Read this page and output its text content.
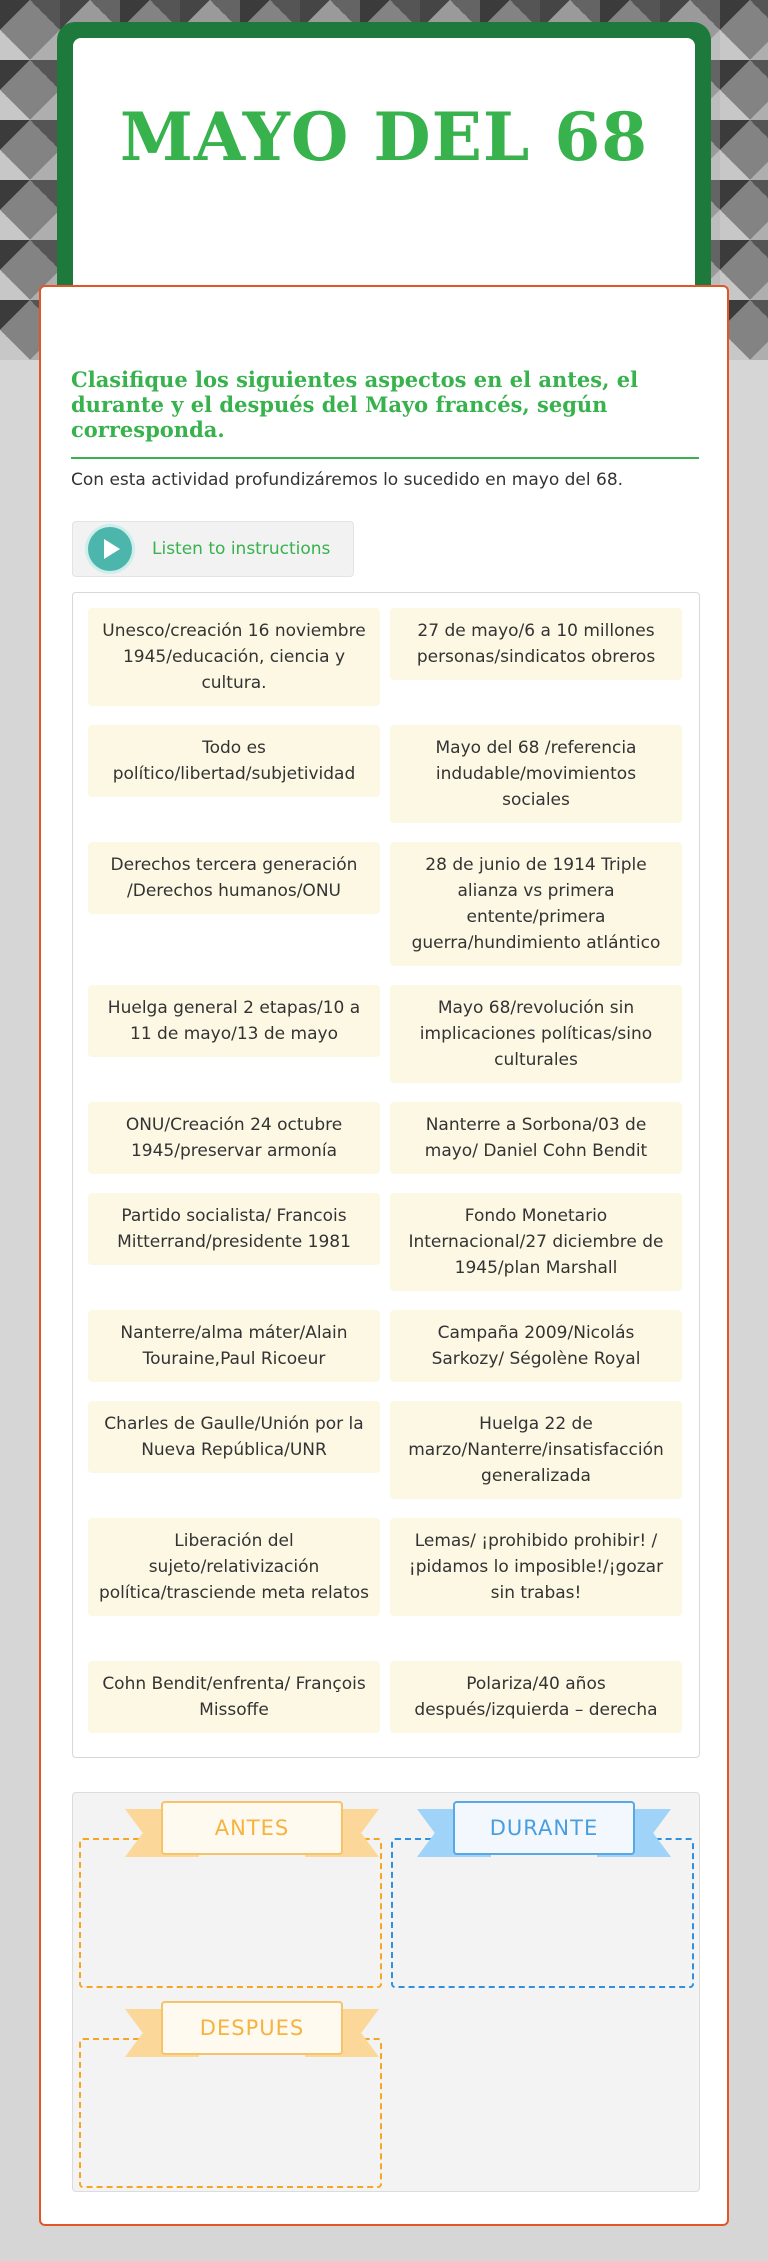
MAYO DEL 68
Clasifique los siguientes aspectos en el antes, el durante y el después del Mayo francés, según corresponda.

Con esta actividad profundizáremos lo sucedido en mayo del 68.

Listen to instructions
Unesco/creación 16 noviembre 1945/educación, ciencia y cultura.
27 de mayo/6 a 10 millones personas/sindicatos obreros
Todo es político/libertad/subjetividad
Mayo del 68 /referencia indudable/movimientos sociales
Derechos tercera generación /Derechos humanos/ONU
28 de junio de 1914 Triple alianza vs primera entente/primera guerra/hundimiento atlántico
Huelga general 2 etapas/10 a 11 de mayo/13 de mayo
Mayo 68/revolución sin implicaciones políticas/sino culturales
ONU/Creación 24 octubre 1945/preservar armonía
Nanterre a Sorbona/03 de mayo/ Daniel Cohn Bendit
Partido socialista/ Francois Mitterrand/presidente 1981
Fondo Monetario Internacional/27 diciembre de 1945/plan Marshall
Nanterre/alma máter/Alain Touraine,Paul Ricoeur
Campaña 2009/Nicolás Sarkozy/ Ségolène Royal
Charles de Gaulle/Unión por la Nueva República/UNR
Huelga 22 de marzo/Nanterre/insatisfacción generalizada
Liberación del sujeto/relativización política/trasciende meta relatos
Lemas/ ¡prohibido prohibir! / ¡pidamos lo imposible!/¡gozar sin trabas!
Cohn Bendit/enfrenta/ François Missoffe
Polariza/40 años después/izquierda – derecha
ANTES	DURANTE
DESPUES
